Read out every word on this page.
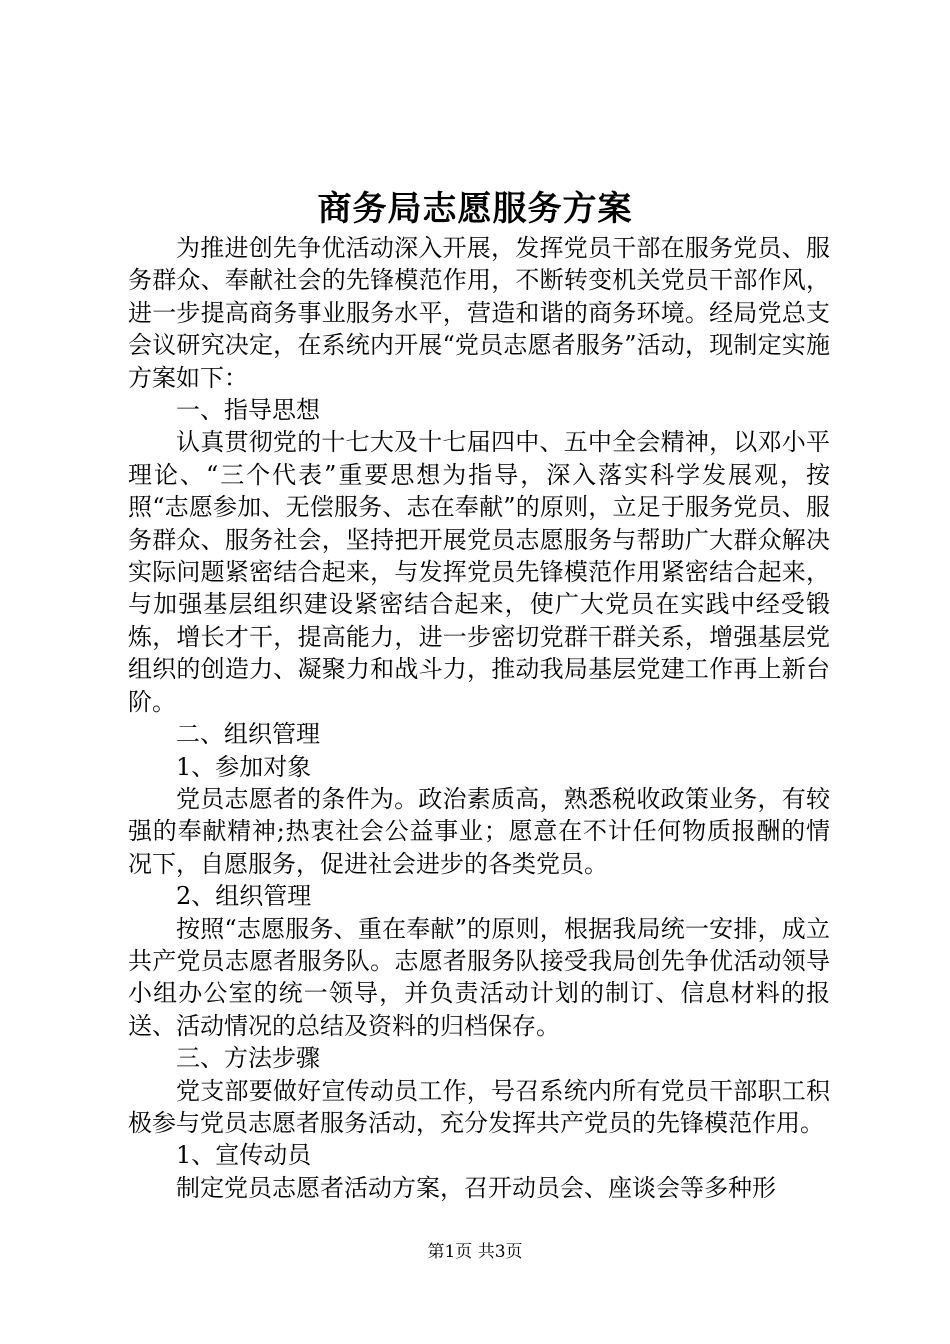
商务局志愿服务方案

为推进创先争优活动深入开展，发挥党员干部在服务党员、服务群众、奉献社会的先锋模范作用，不断转变机关党员干部作风，进一步提高商务事业服务水平，营造和谐的商务环境。经局党总支会议研究决定，在系统内开展“党员志愿者服务”活动，现制定实施方案如下：

一、指导思想

认真贯彻党的十七大及十七届四中、五中全会精神，以邓小平理论、“三个代表”重要思想为指导，深入落实科学发展观，按照“志愿参加、无偿服务、志在奉献”的原则，立足于服务党员、服务群众、服务社会，坚持把开展党员志愿服务与帮助广大群众解决实际问题紧密结合起来，与发挥党员先锋模范作用紧密结合起来，与加强基层组织建设紧密结合起来，使广大党员在实践中经受锻炼，增长才干，提高能力，进一步密切党群干群关系，增强基层党组织的创造力、凝聚力和战斗力，推动我局基层党建工作再上新台阶。

二、组织管理

1、参加对象

党员志愿者的条件为。政治素质高，熟悉税收政策业务，有较强的奉献精神;热衷社会公益事业；愿意在不计任何物质报酬的情况下，自愿服务，促进社会进步的各类党员。

2、组织管理

按照“志愿服务、重在奉献”的原则，根据我局统一安排，成立共产党员志愿者服务队。志愿者服务队接受我局创先争优活动领导小组办公室的统一领导，并负责活动计划的制订、信息材料的报送、活动情况的总结及资料的归档保存。

三、方法步骤

党支部要做好宣传动员工作，号召系统内所有党员干部职工积极参与党员志愿者服务活动，充分发挥共产党员的先锋模范作用。

1、宣传动员

制定党员志愿者活动方案，召开动员会、座谈会等多种形

第1页 共3页
